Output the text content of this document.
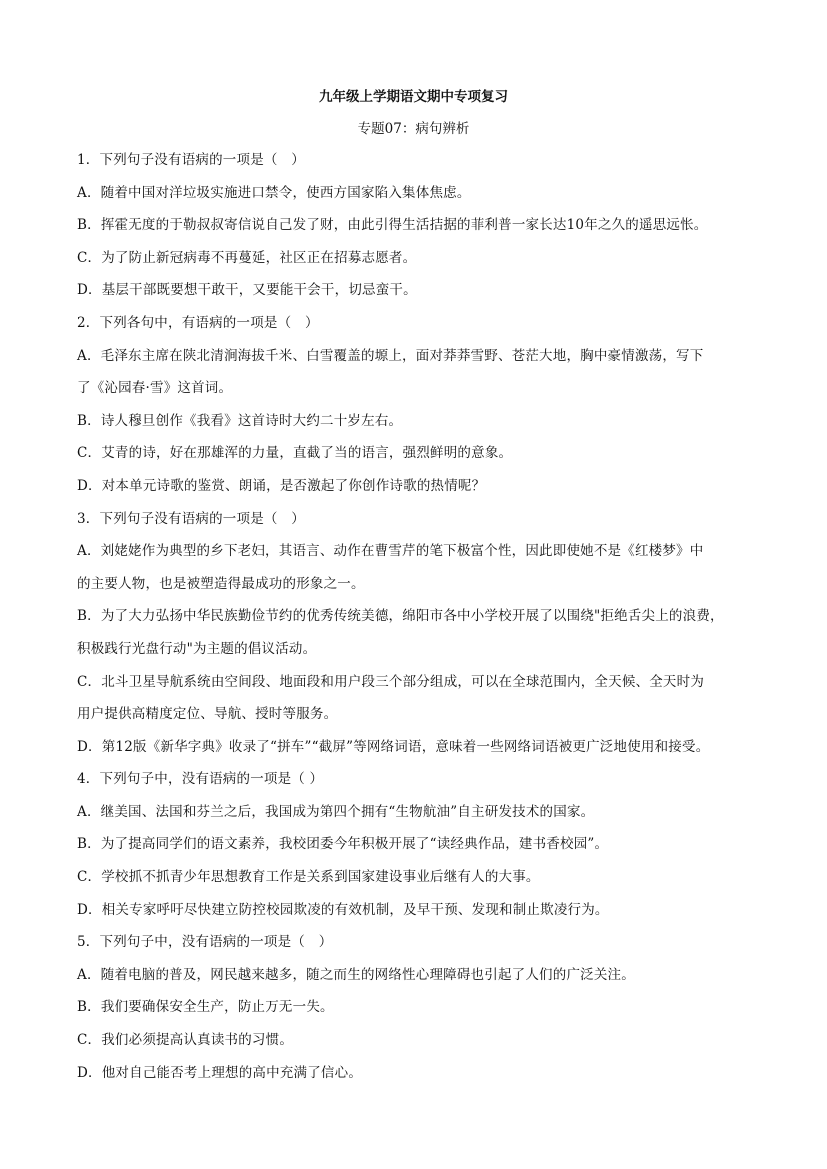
九年级上学期语文期中专项复习
专题07：病句辨析
1．下列句子没有语病的一项是（　）
A．随着中国对洋垃圾实施进口禁令，使西方国家陷入集体焦虑。
B．挥霍无度的于勒叔叔寄信说自己发了财，由此引得生活拮据的菲利普一家长达10年之久的遥思远怅。
C．为了防止新冠病毒不再蔓延，社区正在招募志愿者。
D．基层干部既要想干敢干，又要能干会干，切忌蛮干。
2．下列各句中，有语病的一项是（　）
A．毛泽东主席在陕北清涧海拔千米、白雪覆盖的塬上，面对莽莽雪野、苍茫大地，胸中豪情激荡，写下
了《沁园春·雪》这首词。
B．诗人穆旦创作《我看》这首诗时大约二十岁左右。
C．艾青的诗，好在那雄浑的力量，直截了当的语言，强烈鲜明的意象。
D．对本单元诗歌的鉴赏、朗诵，是否激起了你创作诗歌的热情呢？
3．下列句子没有语病的一项是（　）
A．刘姥姥作为典型的乡下老妇，其语言、动作在曹雪芹的笔下极富个性，因此即使她不是《红楼梦》中
的主要人物，也是被塑造得最成功的形象之一。
B．为了大力弘扬中华民族勤俭节约的优秀传统美德，绵阳市各中小学校开展了以围绕"拒绝舌尖上的浪费，
积极践行光盘行动"为主题的倡议活动。
C．北斗卫星导航系统由空间段、地面段和用户段三个部分组成，可以在全球范围内，全天候、全天时为
用户提供高精度定位、导航、授时等服务。
D．第12版《新华字典》收录了“拼车”“截屏”等网络词语，意味着一些网络词语被更广泛地使用和接受。
4．下列句子中，没有语病的一项是（ ）
A．继美国、法国和芬兰之后，我国成为第四个拥有“生物航油”自主研发技术的国家。
B．为了提高同学们的语文素养，我校团委今年积极开展了“读经典作品，建书香校园”。
C．学校抓不抓青少年思想教育工作是关系到国家建设事业后继有人的大事。
D．相关专家呼吁尽快建立防控校园欺凌的有效机制，及早干预、发现和制止欺凌行为。
5．下列句子中，没有语病的一项是（　）
A．随着电脑的普及，网民越来越多，随之而生的网络性心理障碍也引起了人们的广泛关注。
B．我们要确保安全生产，防止万无一失。
C．我们必须提高认真读书的习惯。
D．他对自己能否考上理想的高中充满了信心。
